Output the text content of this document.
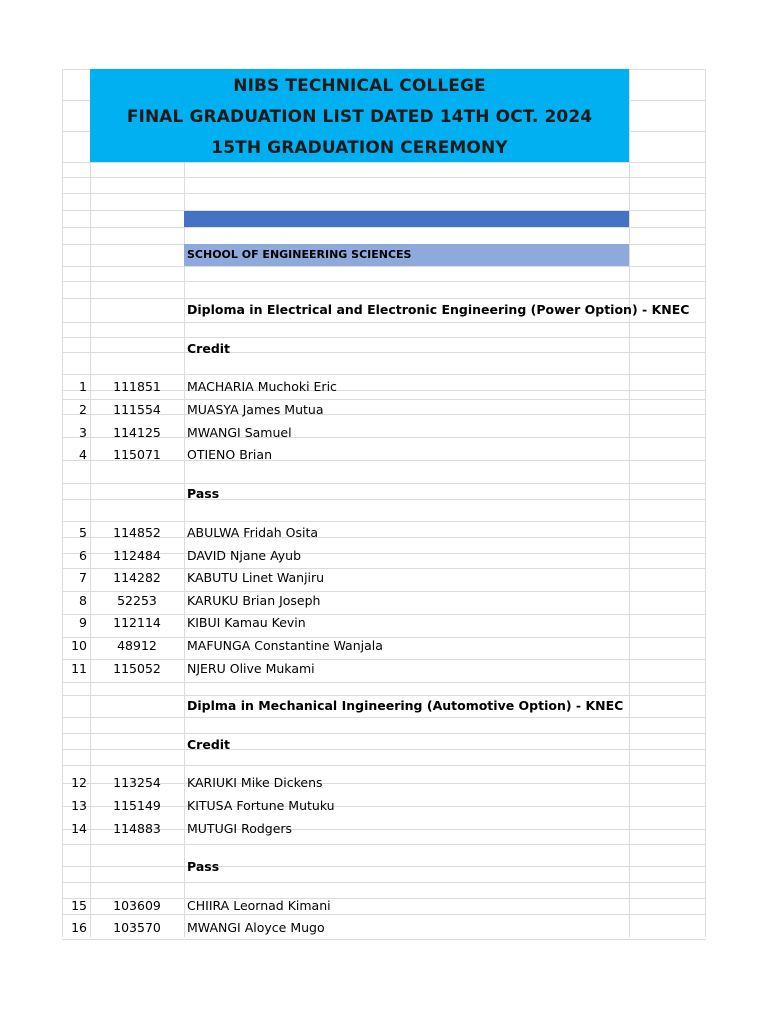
NIBS TECHNICAL COLLEGE
FINAL GRADUATION LIST DATED 14TH OCT. 2024
15TH GRADUATION CEREMONY
SCHOOL OF ENGINEERING SCIENCES
Diploma in Electrical and Electronic Engineering (Power Option) - KNEC
Credit
1	111851	MACHARIA Muchoki Eric
2	111554	MUASYA James Mutua
3	114125	MWANGI Samuel
4	115071	OTIENO Brian
Pass
5	114852	ABULWA Fridah Osita
6	112484	DAVID Njane Ayub
7	114282	KABUTU Linet Wanjiru
8	52253	KARUKU Brian Joseph
9	112114	KIBUI Kamau Kevin
10	48912	MAFUNGA Constantine Wanjala
11	115052	NJERU Olive Mukami
Diplma in Mechanical Ingineering (Automotive Option) - KNEC
Credit
12	113254	KARIUKI Mike Dickens
13	115149	KITUSA Fortune Mutuku
14	114883	MUTUGI Rodgers
Pass
15	103609	CHIIRA Leornad Kimani
16	103570	MWANGI Aloyce Mugo
